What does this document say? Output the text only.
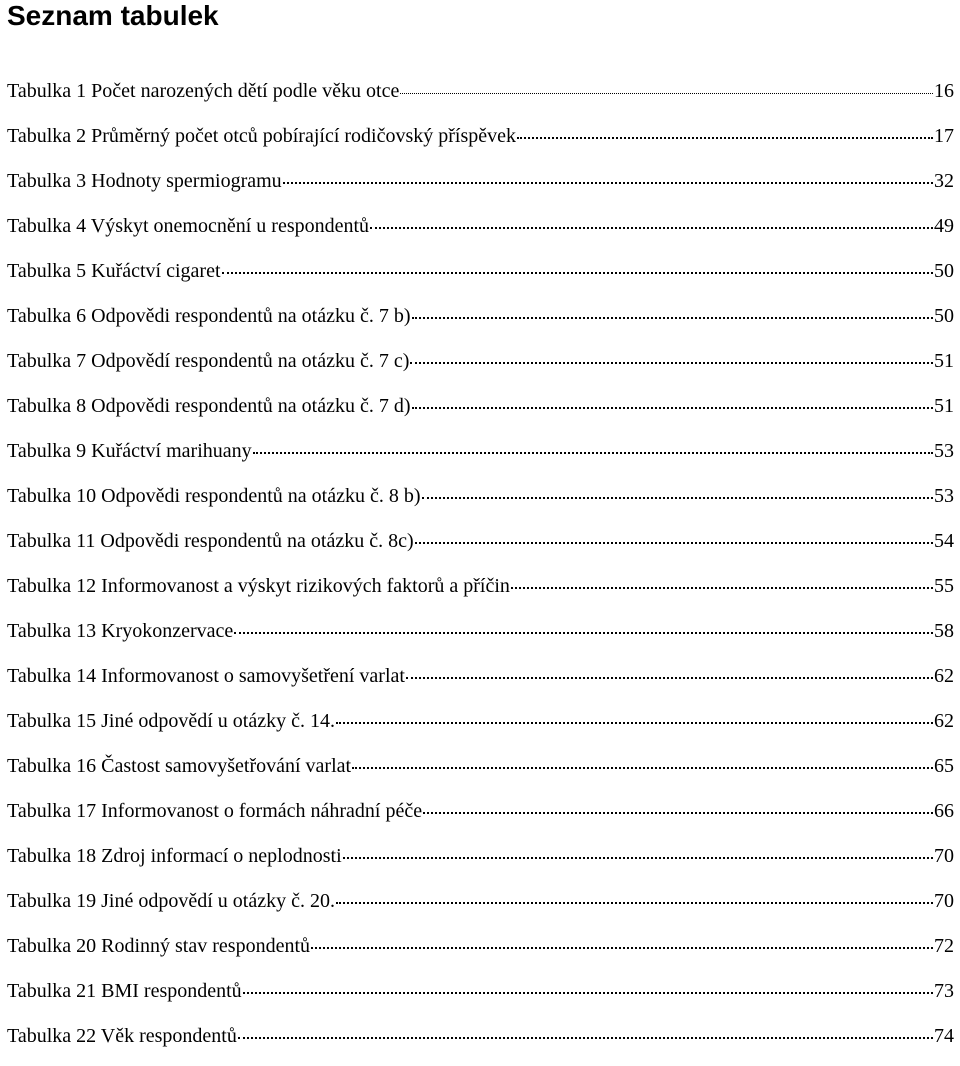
Seznam tabulek
Tabulka 1 Počet narozených dětí podle věku otce	16
Tabulka 2 Průměrný počet otců pobírající rodičovský příspěvek	17
Tabulka 3 Hodnoty spermiogramu	32
Tabulka 4 Výskyt onemocnění u respondentů	49
Tabulka 5 Kuřáctví cigaret	50
Tabulka 6 Odpovědi respondentů na otázku č. 7 b)	50
Tabulka 7 Odpovědí respondentů na otázku č. 7 c)	51
Tabulka 8 Odpovědi respondentů na otázku č. 7 d)	51
Tabulka 9 Kuřáctví marihuany	53
Tabulka 10 Odpovědi respondentů na otázku č. 8 b)	53
Tabulka 11 Odpovědi respondentů na otázku č. 8c)	54
Tabulka 12 Informovanost a výskyt rizikových faktorů a příčin	55
Tabulka 13 Kryokonzervace	58
Tabulka 14 Informovanost o samovyšetření varlat	62
Tabulka 15 Jiné odpovědí u otázky č. 14.	62
Tabulka 16 Častost samovyšetřování varlat	65
Tabulka 17 Informovanost o formách náhradní péče	66
Tabulka 18 Zdroj informací o neplodnosti	70
Tabulka 19 Jiné odpovědí u otázky č. 20.	70
Tabulka 20 Rodinný stav respondentů	72
Tabulka 21 BMI respondentů	73
Tabulka 22 Věk respondentů	74
